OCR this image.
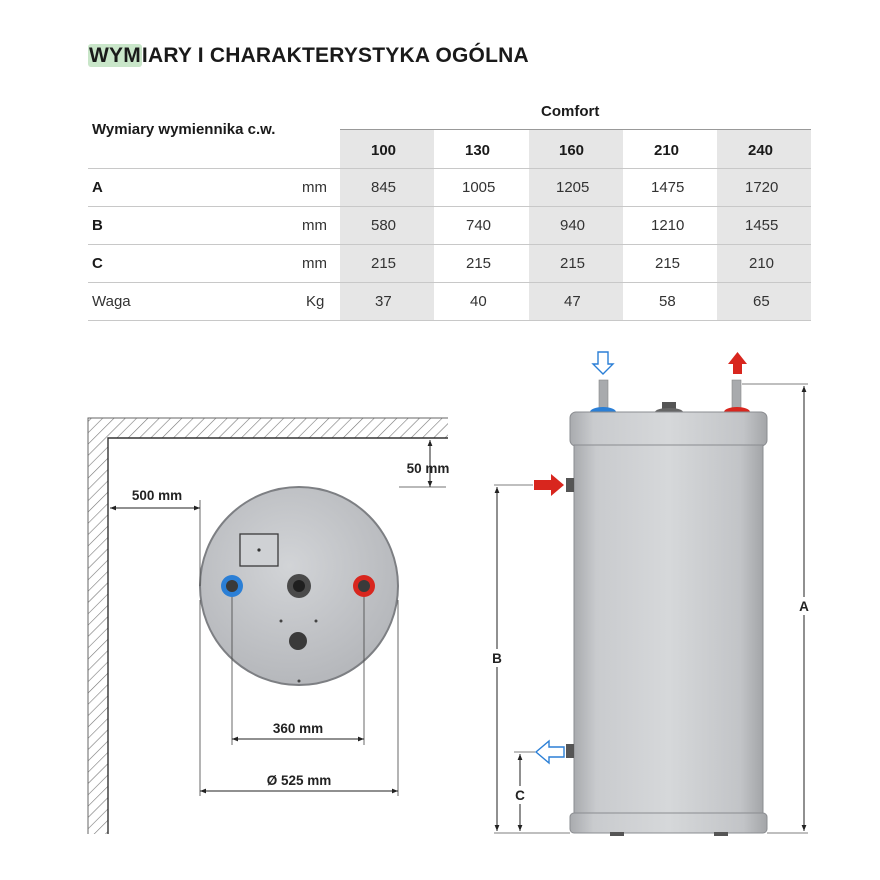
WYMIARY I CHARAKTERYSTYKA OGÓLNA
Wymiary wymiennika c.w.
Comfort
100	130	160	210	240
A	mm	845	1005	1205	1475	1720
B	mm	580	740	940	1210	1455
C	mm	215	215	215	215	210
Waga	Kg	37	40	47	58	65
50 mm
500 mm
360 mm
Ø 525 mm
A
B
C
